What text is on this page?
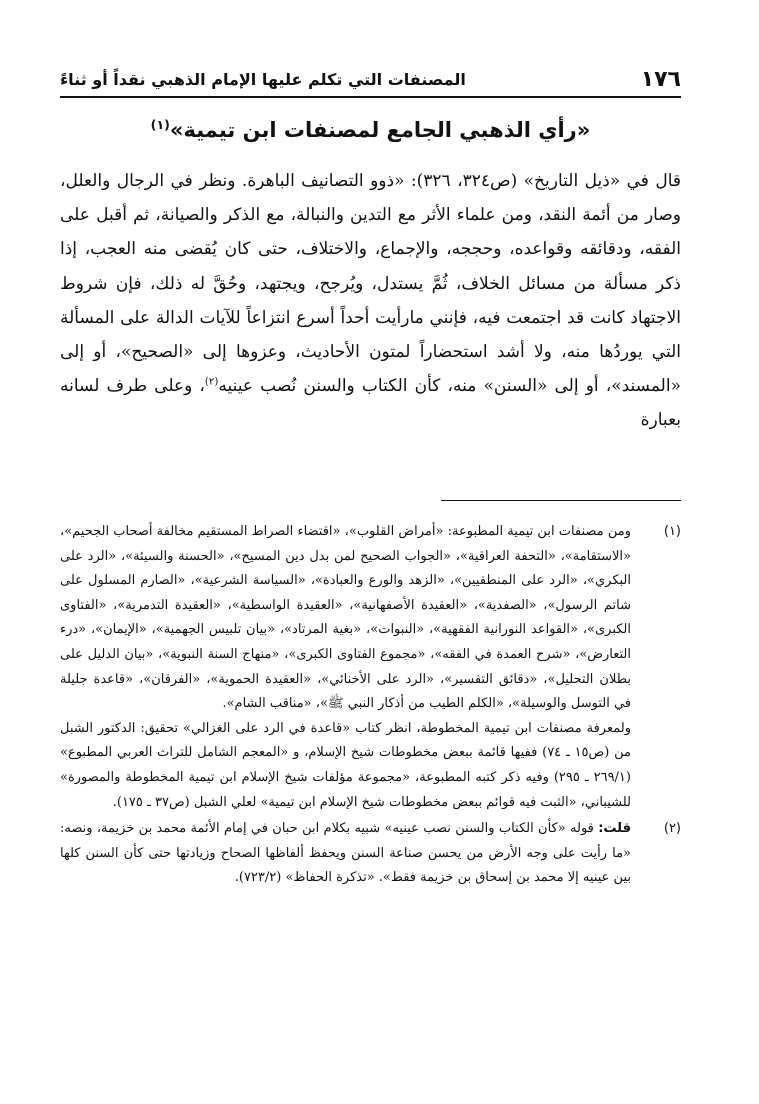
١٧٦
المصنفات التي تكلم عليها الإمام الذهبي نقداً أو ثناءً
«رأي الذهبي الجامع لمصنفات ابن تيمية»$^{(١)}$

قال في «ذيل التاريخ» (ص٣٢٤، ٣٢٦): «ذوو التصانيف الباهرة. ونظر في الرجال والعلل، وصار من أئمة النقد، ومن علماء الأثر مع التدين والنبالة، مع الذكر والصيانة، ثم أقبل على الفقه، ودقائقه وقواعده، وحججه، والإجماع، والاختلاف، حتى كان يُقضى منه العجب، إذا ذكر مسألة من مسائل الخلاف، ثُمَّ يستدل، ويُرجح، ويجتهد، وحُقَّ له ذلك، فإن شروط الاجتهاد كانت قد اجتمعت فيه، فإنني مارأيت أحداً أسرع انتزاعاً للآيات الدالة على المسألة التي يوردُها منه، ولا أشد استحضاراً لمتون الأحاديث، وعزوها إلى «الصحيح»، أو إلى «المسند»، أو إلى «السنن» منه، كأن الكتاب والسنن نُصب عينيه$^{(٢)}$، وعلى طرف لسانه بعبارة

(١)

ومن مصنفات ابن تيمية المطبوعة: «أمراض القلوب»، «اقتضاء الصراط المستقيم مخالفة أصحاب الجحيم»، «الاستقامة»، «التحفة العراقية»، «الجواب الصحيح لمن بدل دين المسيح»، «الحسنة والسيئة»، «الرد على البكري»، «الرد على المنطقيين»، «الزهد والورع والعبادة»، «السياسة الشرعية»، «الصارم المسلول على شاتم الرسول»، «الصفدية»، «العقيدة الأصفهانية»، «العقيدة الواسطية»، «العقيدة التدمرية»، «الفتاوى الكبرى»، «القواعد النورانية الفقهية»، «النبوات»، «بغية المرتاد»، «بيان تلبيس الجهمية»، «الإيمان»، «درء التعارض»، «شرح العمدة في الفقه»، «مجموع الفتاوى الكبرى»، «منهاج السنة النبوية»، «بيان الدليل على بطلان التحليل»، «دقائق التفسير»، «الرد على الأخنائي»، «العقيدة الحموية»، «الفرقان»، «قاعدة جليلة في التوسل والوسيلة»، «الكلم الطيب من أذكار النبي ﷺ»، «مناقب الشام».

ولمعرفة مصنفات ابن تيمية المخطوطة، انظر كتاب «قاعدة في الرد على الغزالي» تحقيق: الدكتور الشبل من (ص١٥ ـ ٧٤) ففيها قائمة ببعض مخطوطات شيخ الإسلام، و «المعجم الشامل للتراث العربي المطبوع» (٢٦٩/١ ـ ٢٩٥) وفيه ذكر كتبه المطبوعة، «مجموعة مؤلفات شيخ الإسلام ابن تيمية المخطوطة والمصورة» للشيباني، «الثبت فيه قوائم ببعض مخطوطات شيخ الإسلام ابن تيمية» لعلي الشبل (ص٣٧ ـ ١٧٥).

(٢)

قلت: قوله «كأن الكتاب والسنن نصب عينيه» شبيه بكلام ابن حبان في إمام الأئمة محمد بن خزيمة، ونصه: «ما رأيت على وجه الأرض من يحسن صناعة السنن ويحفظ ألفاظها الصحاح وزيادتها حتى كأن السنن كلها بين عينيه إلا محمد بن إسحاق بن خزيمة فقط». «تذكرة الحفاظ» (٧٢٣/٢).
